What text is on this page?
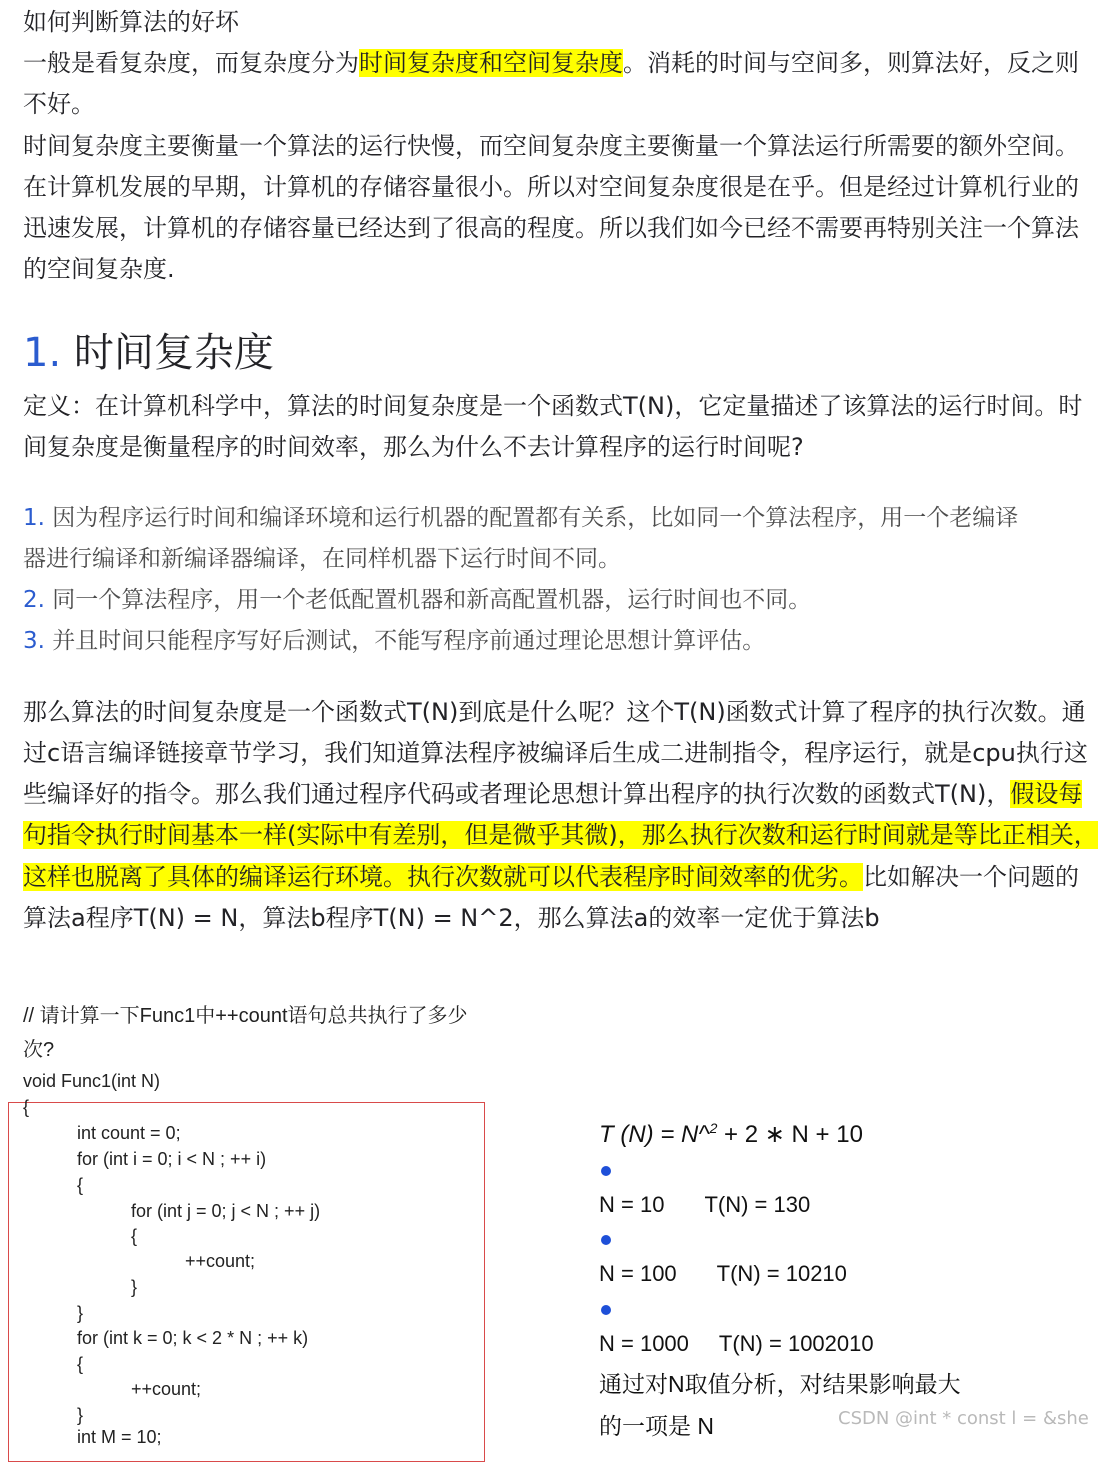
如何判断算法的好坏

一般是看复杂度，而复杂度分为时间复杂度和空间复杂度。消耗的时间与空间多，则算法好，反之则

不好。

时间复杂度主要衡量一个算法的运行快慢，而空间复杂度主要衡量一个算法运行所需要的额外空间。

在计算机发展的早期，计算机的存储容量很小。所以对空间复杂度很是在乎。但是经过计算机行业的

迅速发展，计算机的存储容量已经达到了很高的程度。所以我们如今已经不需要再特别关注一个算法

的空间复杂度.

1. 时间复杂度

定义：在计算机科学中，算法的时间复杂度是一个函数式T(N)，它定量描述了该算法的运行时间。时

间复杂度是衡量程序的时间效率，那么为什么不去计算程序的运行时间呢?

1. 因为程序运行时间和编译环境和运行机器的配置都有关系，比如同一个算法程序，用一个老编译

器进行编译和新编译器编译，在同样机器下运行时间不同。

2. 同一个算法程序，用一个老低配置机器和新高配置机器，运行时间也不同。

3. 并且时间只能程序写好后测试，不能写程序前通过理论思想计算评估。

那么算法的时间复杂度是一个函数式T(N)到底是什么呢？这个T(N)函数式计算了程序的执行次数。通

过c语言编译链接章节学习，我们知道算法程序被编译后生成二进制指令，程序运行，就是cpu执行这

些编译好的指令。那么我们通过程序代码或者理论思想计算出程序的执行次数的函数式T(N)，假设每

句指令执行时间基本一样(实际中有差别，但是微乎其微)，那么执行次数和运行时间就是等比正相关，

这样也脱离了具体的编译运行环境。执行次数就可以代表程序时间效率的优劣。比如解决一个问题的

算法a程序T(N) = N，算法b程序T(N) = N^2，那么算法a的效率一定优于算法b

// 请计算一下Func1中++count语句总共执行了多少

次?

void Func1(int N)

{

int count = 0;

for (int i = 0; i < N ; ++ i)

{

for (int j = 0; j < N ; ++ j)

{

++count;

}

}

for (int k = 0; k < 2 * N ; ++ k)

{

++count;

}

int M = 10;

T (N) = N^$^2$ + 2 ∗ N + 10

N = 10 T(N) = 130

N = 100 T(N) = 10210

N = 1000 T(N) = 1002010

通过对N取值分析，对结果影响最大

的一项是 N	CSDN @int * const l = &she
